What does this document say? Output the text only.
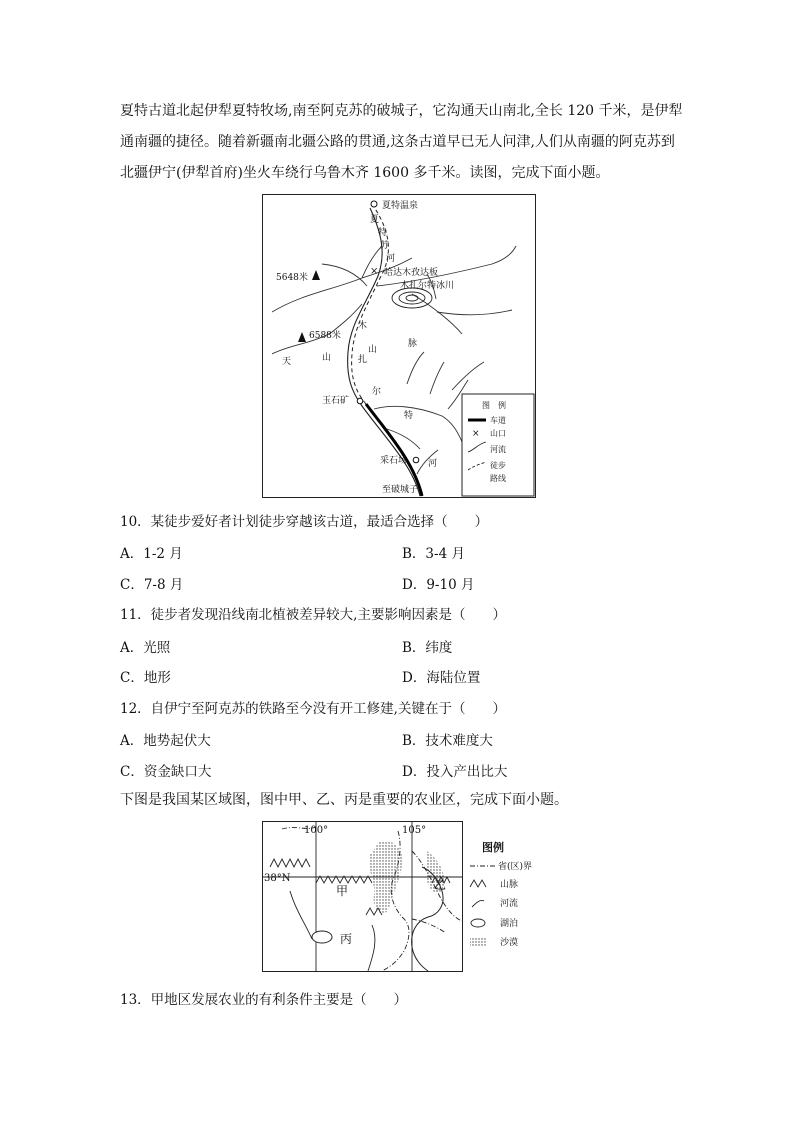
夏特古道北起伊犁夏特牧场,南至阿克苏的破城子，它沟通天山南北,全长 120 千米，是伊犁
通南疆的捷径。随着新疆南北疆公路的贯通,这条古道早已无人问津,人们从南疆的阿克苏到
北疆伊宁(伊犁首府)坐火车绕行乌鲁木齐 1600 多千米。读图，完成下面小题。
×
夏特温泉
夏
特
苏
河
哈达木孜达板
木扎尔特冰川
5648米
6588米
天	山
山
脉
木
扎
尔
特
河
玉石矿
采石场
至破城子
图　例
车道
× 山口
河流
徒步
路线
10．某徒步爱好者计划徒步穿越该古道，最适合选择（　　）
A．1-2 月	B．3-4 月
C．7-8 月	D．9-10 月
11．徒步者发现沿线南北植被差异较大,主要影响因素是（　　）
A．光照	B．纬度
C．地形	D．海陆位置
12．自伊宁至阿克苏的铁路至今没有开工修建,关键在于（　　）
A．地势起伏大	B．技术难度大
C．资金缺口大	D．投入产出比大
下图是我国某区域图，图中甲、乙、丙是重要的农业区，完成下面小题。
100°	105°
38°N
甲	乙
丙
图例
省(区)界
山脉
河流
湖泊
沙漠
13．甲地区发展农业的有利条件主要是（　　）
